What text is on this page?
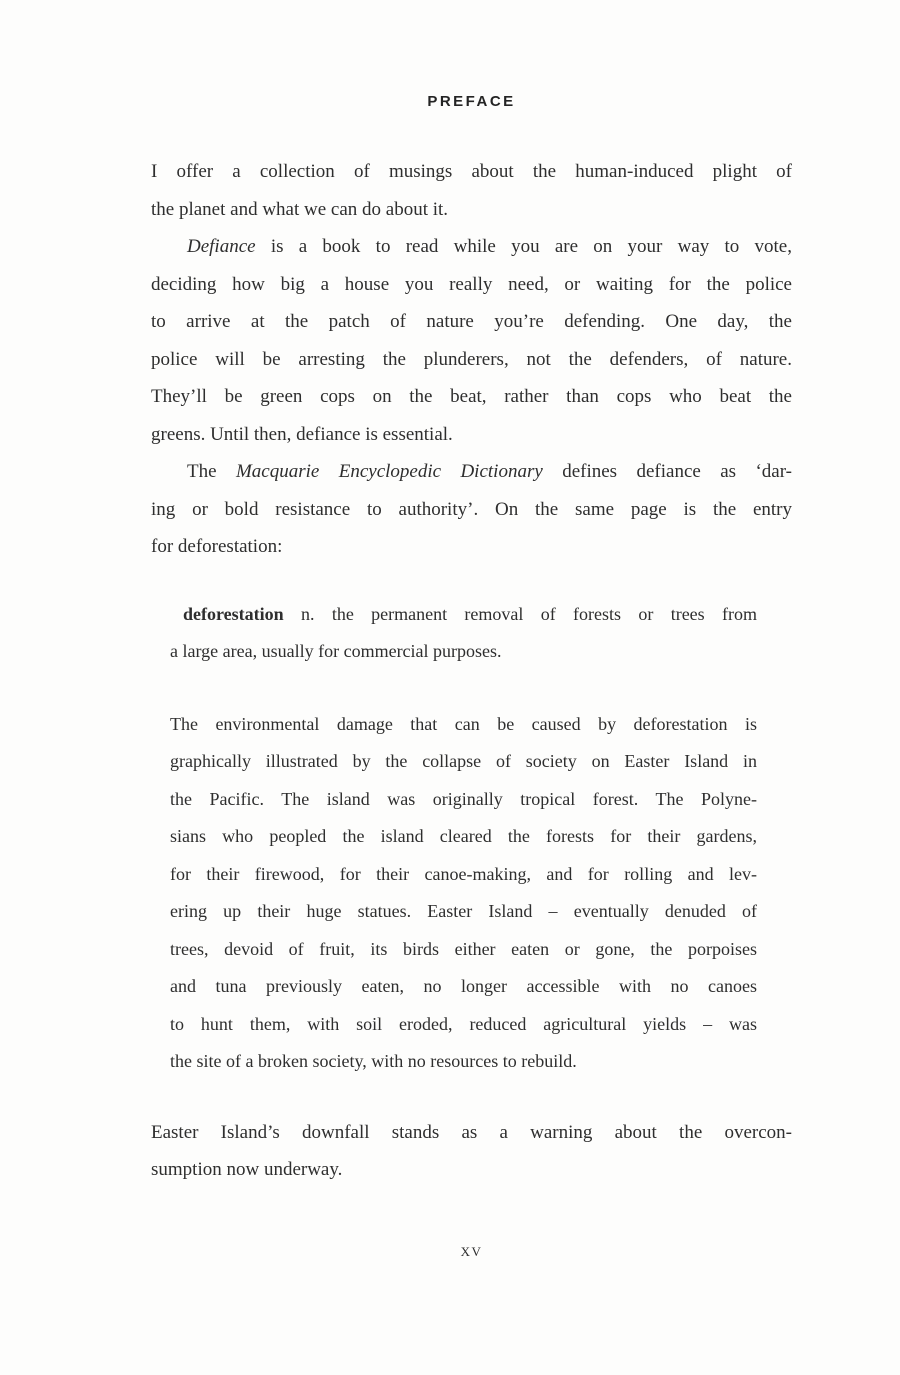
PREFACE
I offer a collection of musings about the human-induced plight of
the planet and what we can do about it.
Defiance is a book to read while you are on your way to vote,
deciding how big a house you really need, or waiting for the police
to arrive at the patch of nature you’re defending. One day, the
police will be arresting the plunderers, not the defenders, of nature.
They’ll be green cops on the beat, rather than cops who beat the
greens. Until then, defiance is essential.
The Macquarie Encyclopedic Dictionary defines defiance as ‘dar-
ing or bold resistance to authority’. On the same page is the entry
for deforestation:
deforestation n. the permanent removal of forests or trees from
a large area, usually for commercial purposes.
The environmental damage that can be caused by deforestation is
graphically illustrated by the collapse of society on Easter Island in
the Pacific. The island was originally tropical forest. The Polyne-
sians who peopled the island cleared the forests for their gardens,
for their firewood, for their canoe-making, and for rolling and lev-
ering up their huge statues. Easter Island – eventually denuded of
trees, devoid of fruit, its birds either eaten or gone, the porpoises
and tuna previously eaten, no longer accessible with no canoes
to hunt them, with soil eroded, reduced agricultural yields – was
the site of a broken society, with no resources to rebuild.
Easter Island’s downfall stands as a warning about the overcon-
sumption now underway.
xv
